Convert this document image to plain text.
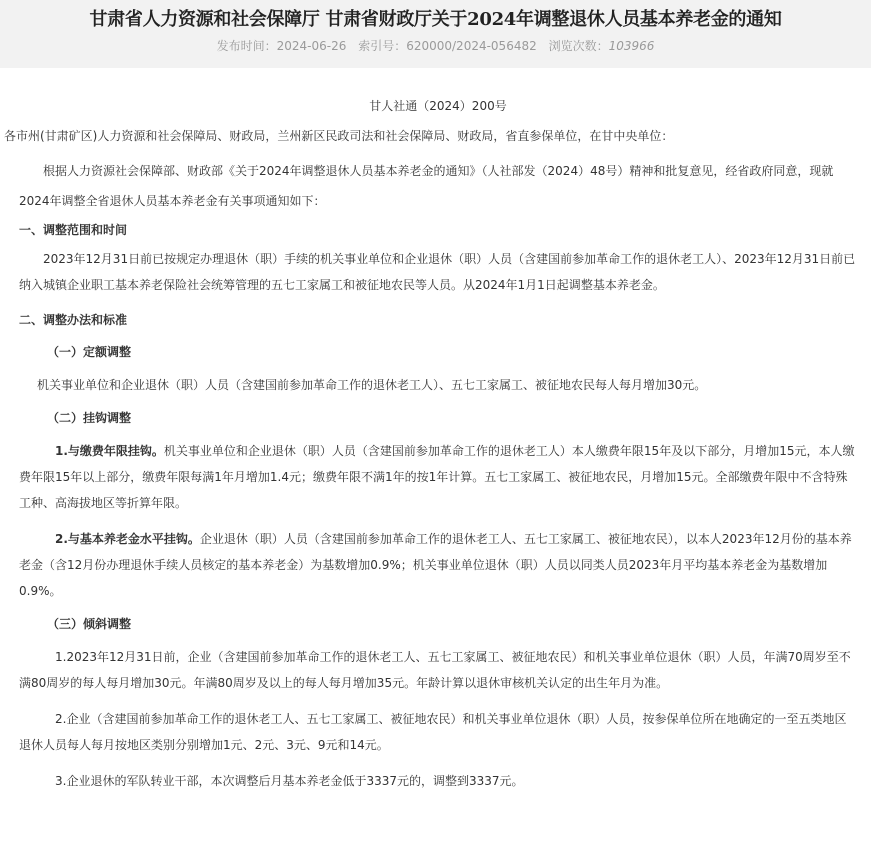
甘肃省人力资源和社会保障厅 甘肃省财政厅关于2024年调整退休人员基本养老金的通知
发布时间：2024-06-26 索引号：620000/2024-056482 浏览次数：103966
甘人社通（2024）200号

各市州(甘肃矿区)人力资源和社会保障局、财政局，兰州新区民政司法和社会保障局、财政局，省直参保单位，在甘中央单位：

根据人力资源社会保障部、财政部《关于2024年调整退休人员基本养老金的通知》（人社部发（2024）48号）精神和批复意见，经省政府同意，现就2024年调整全省退休人员基本养老金有关事项通知如下：

一、调整范围和时间

2023年12月31日前已按规定办理退休（职）手续的机关事业单位和企业退休（职）人员（含建国前参加革命工作的退休老工人）、2023年12月31日前已纳入城镇企业职工基本养老保险社会统筹管理的五七工家属工和被征地农民等人员。从2024年1月1日起调整基本养老金。

二、调整办法和标准

（一）定额调整

机关事业单位和企业退休（职）人员（含建国前参加革命工作的退休老工人）、五七工家属工、被征地农民每人每月增加30元。

（二）挂钩调整

1.与缴费年限挂钩。机关事业单位和企业退休（职）人员（含建国前参加革命工作的退休老工人）本人缴费年限15年及以下部分，月增加15元，本人缴费年限15年以上部分，缴费年限每满1年月增加1.4元；缴费年限不满1年的按1年计算。五七工家属工、被征地农民，月增加15元。全部缴费年限中不含特殊工种、高海拔地区等折算年限。

2.与基本养老金水平挂钩。企业退休（职）人员（含建国前参加革命工作的退休老工人、五七工家属工、被征地农民），以本人2023年12月份的基本养老金（含12月份办理退休手续人员核定的基本养老金）为基数增加0.9%；机关事业单位退休（职）人员以同类人员2023年月平均基本养老金为基数增加0.9%。

（三）倾斜调整

1.2023年12月31日前，企业（含建国前参加革命工作的退休老工人、五七工家属工、被征地农民）和机关事业单位退休（职）人员，年满70周岁至不满80周岁的每人每月增加30元。年满80周岁及以上的每人每月增加35元。年龄计算以退休审核机关认定的出生年月为准。

2.企业（含建国前参加革命工作的退休老工人、五七工家属工、被征地农民）和机关事业单位退休（职）人员，按参保单位所在地确定的一至五类地区退休人员每人每月按地区类别分别增加1元、2元、3元、9元和14元。

3.企业退休的军队转业干部，本次调整后月基本养老金低于3337元的，调整到3337元。
